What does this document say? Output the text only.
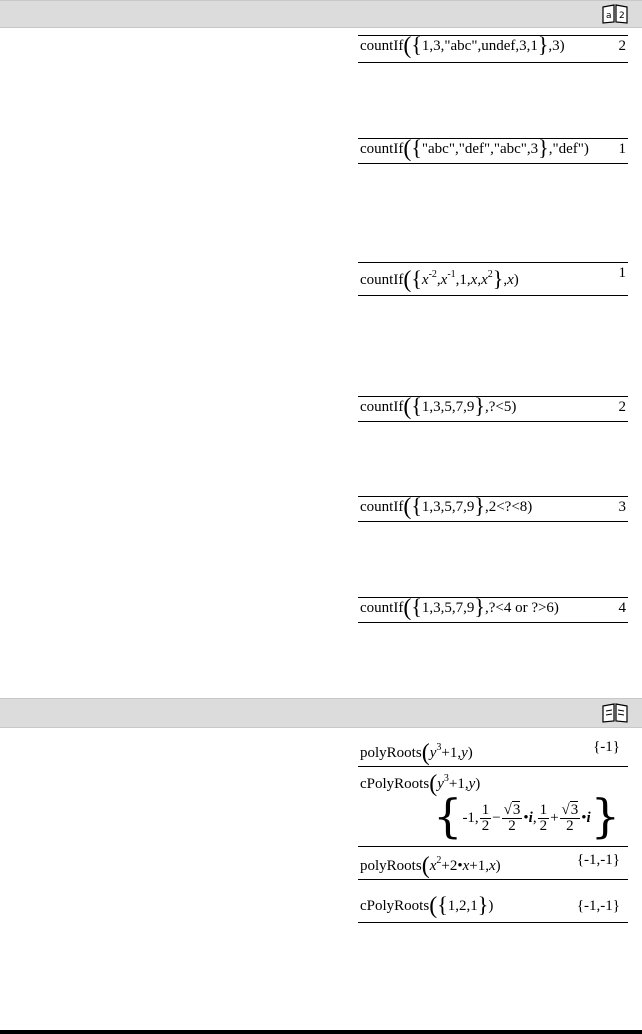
a 2
countIf({1,3,"abc",undef,3,1},3)	2
countIf({"abc","def","abc",3},"def") 1
$countIf(\{x^{-2},x^{-1},1,x,x^2\},x)$	1
countIf({1,3,5,7,9},?<5)	2
countIf({1,3,5,7,9},2<?<8)	3
countIf({1,3,5,7,9},?<4 or ?>6)	4
$polyRoots(y^3+1,y)$	{-1}
$cPolyRoots(y^3+1,y)$
{-1, $\frac{1}{2} - \frac{√3}{2}$ •i, $\frac{1}{2} + \frac{√3}{2}$ •i}
$polyRoots(x^2+2•x+1,x)$	{-1,-1}
cPolyRoots({1,2,1})	{-1,-1}
